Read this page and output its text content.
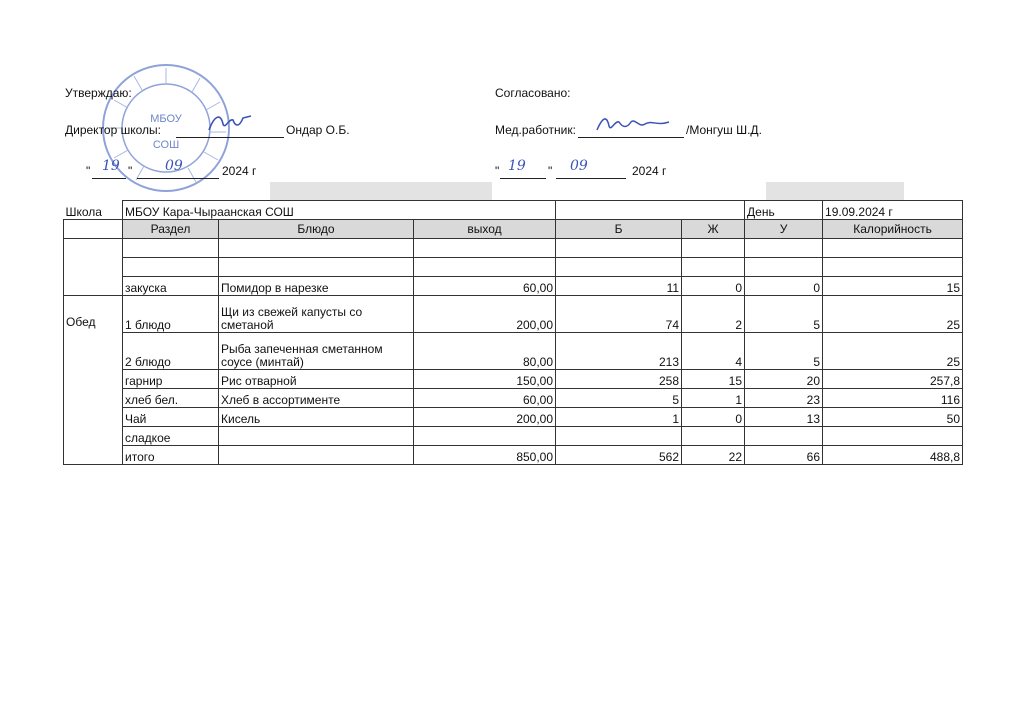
МБОУ
СОШ
Утверждаю:
Директор школы:	Ондар О.Б.
" 19 " 09	2024 г
Согласовано:
Мед.работник:	/Монгуш Ш.Д.
" 19 " 09	2024 г
Школа	МБОУ Кара-Чыраанская СОШ					День	19.09.2024 г
	Раздел	Блюдо	выход	Б	Ж	У	Калорийность

	закуска	Помидор в нарезке	60,00	11	0	0	15
Обед	1 блюдо	Щи из свежей капусты со сметаной	200,00	74	2	5	25
	2 блюдо	Рыба запеченная сметанном соусе (минтай)	80,00	213	4	5	25
	гарнир	Рис отварной	150,00	258	15	20	257,8
	хлеб бел.	Хлеб в ассортименте	60,00	5	1	23	116
	Чай	Кисель	200,00	1	0	13	50
	сладкое						
	итого		850,00	562	22	66	488,8
